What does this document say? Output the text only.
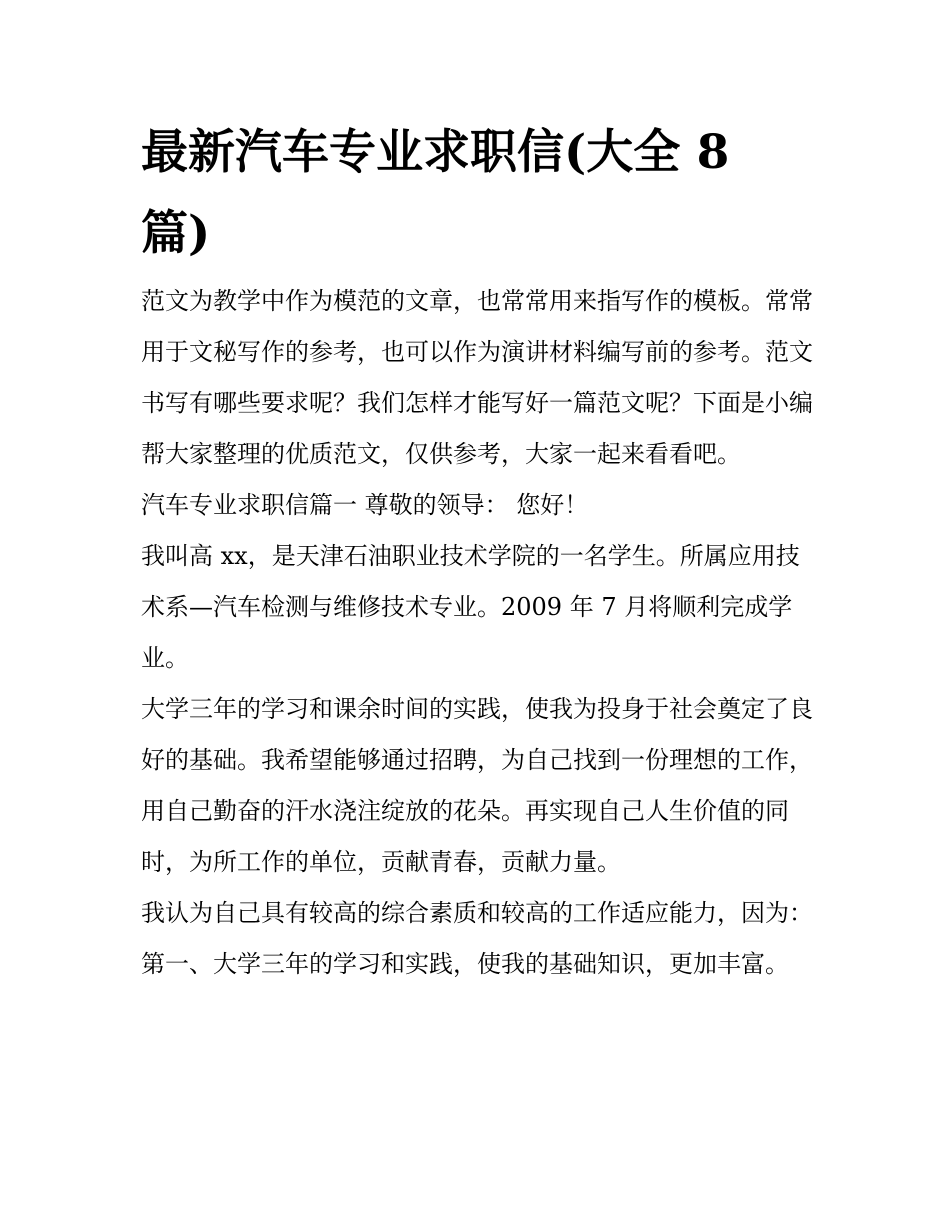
最新汽车专业求职信(大全 8 篇)

范文为教学中作为模范的文章，也常常用来指写作的模板。常常用于文秘写作的参考，也可以作为演讲材料编写前的参考。范文书写有哪些要求呢？我们怎样才能写好一篇范文呢？下面是小编帮大家整理的优质范文，仅供参考，大家一起来看看吧。

汽车专业求职信篇一 尊敬的领导： 您好！

我叫高 xx，是天津石油职业技术学院的一名学生。所属应用技术系—汽车检测与维修技术专业。2009 年 7 月将顺利完成学业。

大学三年的学习和课余时间的实践，使我为投身于社会奠定了良好的基础。我希望能够通过招聘，为自己找到一份理想的工作，用自己勤奋的汗水浇注绽放的花朵。再实现自己人生价值的同时，为所工作的单位，贡献青春，贡献力量。

我认为自己具有较高的综合素质和较高的工作适应能力，因为：

第一、大学三年的学习和实践，使我的基础知识，更加丰富。
